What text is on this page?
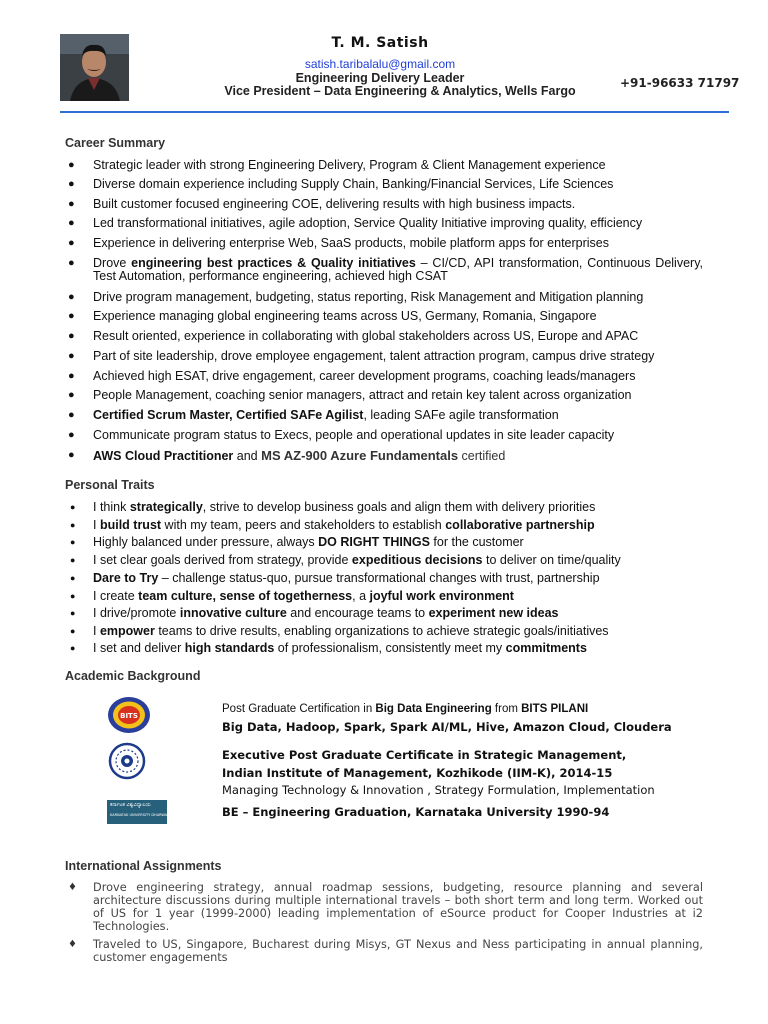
T. M. Satish
satish.taribalalu@gmail.com
Engineering Delivery Leader
Vice President – Data Engineering & Analytics, Wells Fargo
+91-96633 71797
Career Summary
● Strategic leader with strong Engineering Delivery, Program & Client Management experience
● Diverse domain experience including Supply Chain, Banking/Financial Services, Life Sciences
● Built customer focused engineering COE, delivering results with high business impacts.
● Led transformational initiatives, agile adoption, Service Quality Initiative improving quality, efficiency
● Experience in delivering enterprise Web, SaaS products, mobile platform apps for enterprises
● Drove engineering best practices & Quality initiatives – CI/CD, API transformation, Continuous Delivery, Test Automation, performance engineering, achieved high CSAT
● Drive program management, budgeting, status reporting, Risk Management and Mitigation planning
● Experience managing global engineering teams across US, Germany, Romania, Singapore
● Result oriented, experience in collaborating with global stakeholders across US, Europe and APAC
● Part of site leadership, drove employee engagement, talent attraction program, campus drive strategy
● Achieved high ESAT, drive engagement, career development programs, coaching leads/managers
● People Management, coaching senior managers, attract and retain key talent across organization
● Certified Scrum Master, Certified SAFe Agilist, leading SAFe agile transformation
● Communicate program status to Execs, people and operational updates in site leader capacity
● AWS Cloud Practitioner and MS AZ-900 Azure Fundamentals certified
Personal Traits
● I think strategically, strive to develop business goals and align them with delivery priorities
● I build trust with my team, peers and stakeholders to establish collaborative partnership
● Highly balanced under pressure, always DO RIGHT THINGS for the customer
● I set clear goals derived from strategy, provide expeditious decisions to deliver on time/quality
● Dare to Try – challenge status-quo, pursue transformational changes with trust, partnership
● I create team culture, sense of togetherness, a joyful work environment
● I drive/promote innovative culture and encourage teams to experiment new ideas
● I empower teams to drive results, enabling organizations to achieve strategic goals/initiatives
● I set and deliver high standards of professionalism, consistently meet my commitments
Academic Background
BITS
ಕರ್ನಾಟಕ ವಿಶ್ವವಿದ್ಯಾಲಯ
KARNATAK UNIVERSITY DHARWAD
Post Graduate Certification in Big Data Engineering from BITS PILANI
Big Data, Hadoop, Spark, Spark AI/ML, Hive, Amazon Cloud, Cloudera
Executive Post Graduate Certificate in Strategic Management,
Indian Institute of Management, Kozhikode (IIM-K), 2014-15
Managing Technology & Innovation , Strategy Formulation, Implementation
BE – Engineering Graduation, Karnataka University 1990-94
International Assignments
♦ Drove engineering strategy, annual roadmap sessions, budgeting, resource planning and several architecture discussions during multiple international travels – both short term and long term. Worked out of US for 1 year (1999-2000) leading implementation of eSource product for Cooper Industries at i2 Technologies.
♦ Traveled to US, Singapore, Bucharest during Misys, GT Nexus and Ness participating in annual planning, customer engagements
